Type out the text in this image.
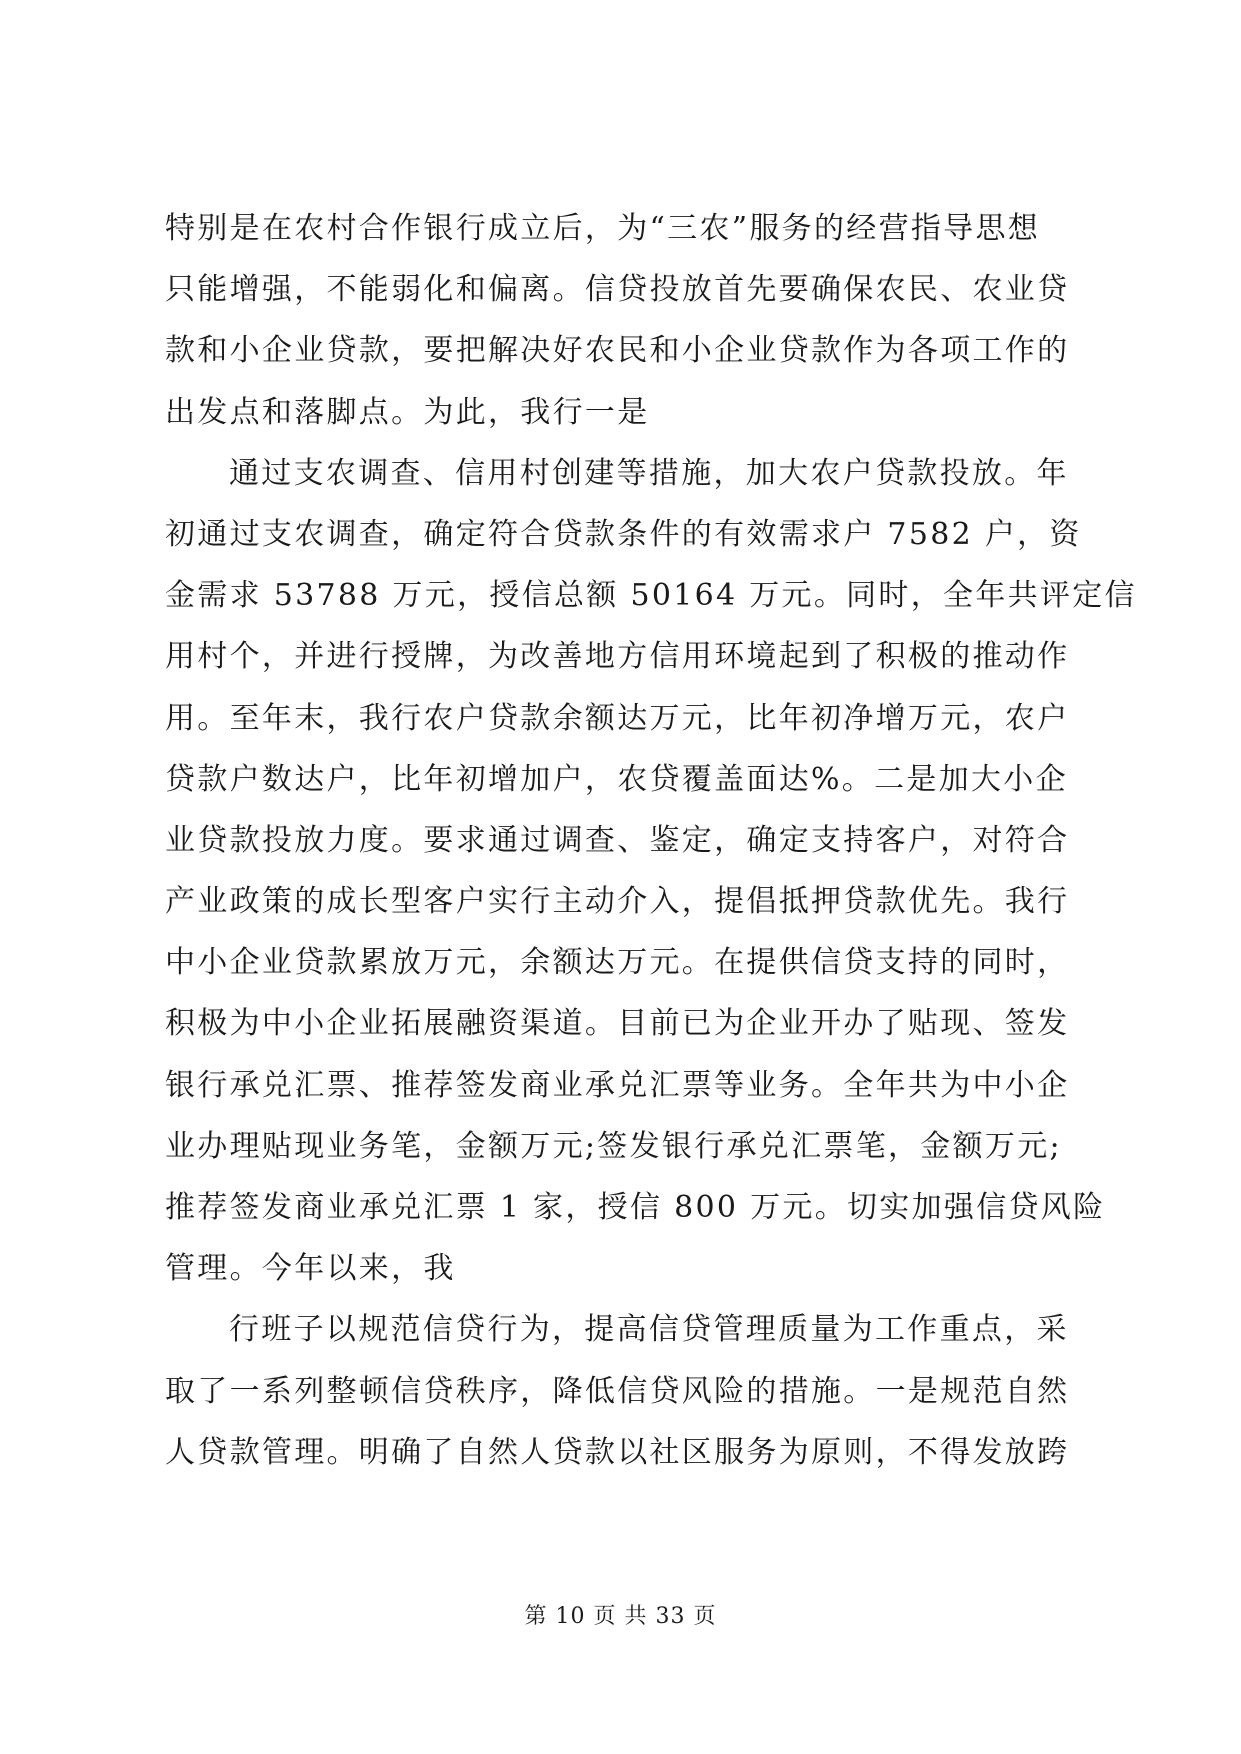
特别是在农村合作银行成立后，为“三农”服务的经营指导思想
只能增强，不能弱化和偏离。信贷投放首先要确保农民、农业贷
款和小企业贷款，要把解决好农民和小企业贷款作为各项工作的
出发点和落脚点。为此，我行一是
通过支农调查、信用村创建等措施，加大农户贷款投放。年
初通过支农调查，确定符合贷款条件的有效需求户 7582 户，资
金需求 53788 万元，授信总额 50164 万元。同时，全年共评定信
用村个，并进行授牌，为改善地方信用环境起到了积极的推动作
用。至年末，我行农户贷款余额达万元，比年初净增万元，农户
贷款户数达户，比年初增加户，农贷覆盖面达%。二是加大小企
业贷款投放力度。要求通过调查、鉴定，确定支持客户，对符合
产业政策的成长型客户实行主动介入，提倡抵押贷款优先。我行
中小企业贷款累放万元，余额达万元。在提供信贷支持的同时，
积极为中小企业拓展融资渠道。目前已为企业开办了贴现、签发
银行承兑汇票、推荐签发商业承兑汇票等业务。全年共为中小企
业办理贴现业务笔，金额万元;签发银行承兑汇票笔，金额万元;
推荐签发商业承兑汇票 1 家，授信 800 万元。切实加强信贷风险
管理。今年以来，我
行班子以规范信贷行为，提高信贷管理质量为工作重点，采
取了一系列整顿信贷秩序，降低信贷风险的措施。一是规范自然
人贷款管理。明确了自然人贷款以社区服务为原则，不得发放跨
第 10 页 共 33 页
